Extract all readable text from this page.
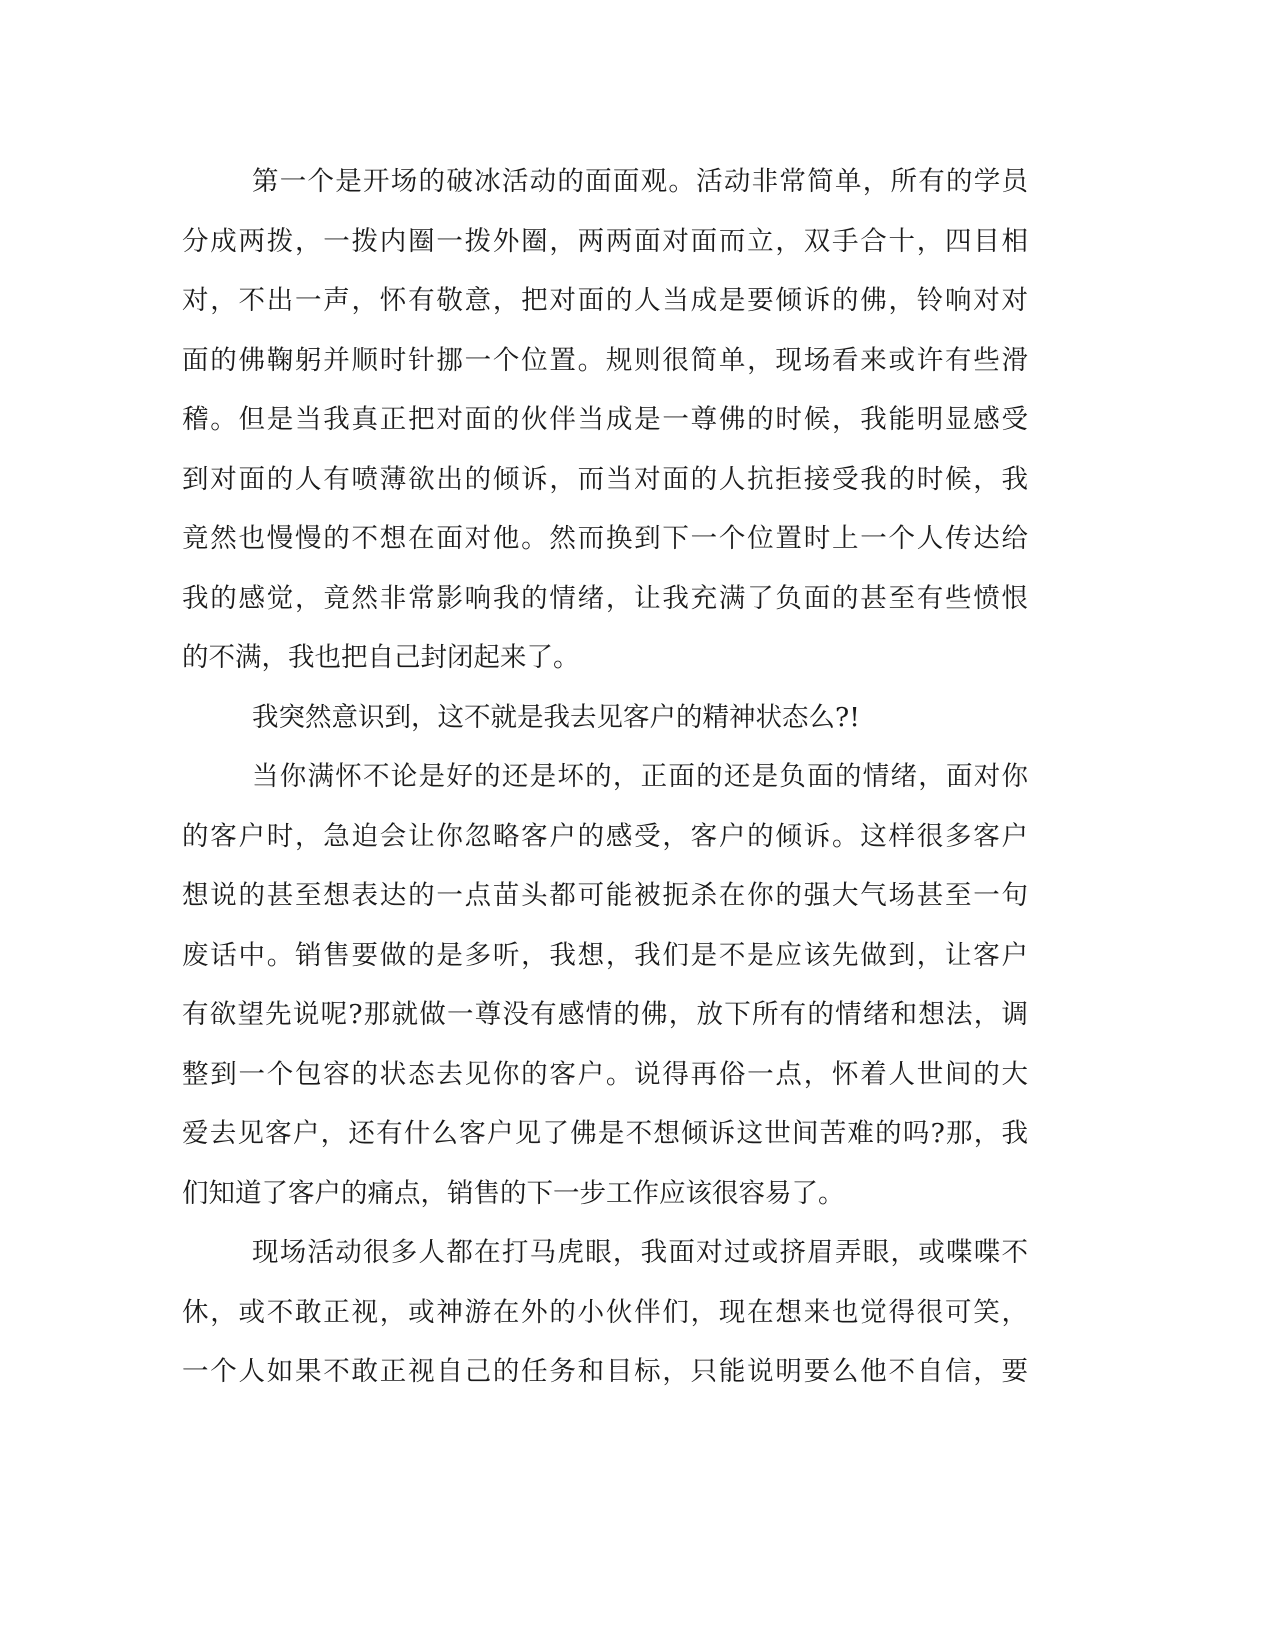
第一个是开场的破冰活动的面面观。活动非常简单，所有的学员
分成两拨，一拨内圈一拨外圈，两两面对面而立，双手合十，四目相
对，不出一声，怀有敬意，把对面的人当成是要倾诉的佛，铃响对对
面的佛鞠躬并顺时针挪一个位置。规则很简单，现场看来或许有些滑
稽。但是当我真正把对面的伙伴当成是一尊佛的时候，我能明显感受
到对面的人有喷薄欲出的倾诉，而当对面的人抗拒接受我的时候，我
竟然也慢慢的不想在面对他。然而换到下一个位置时上一个人传达给
我的感觉，竟然非常影响我的情绪，让我充满了负面的甚至有些愤恨
的不满，我也把自己封闭起来了。
我突然意识到，这不就是我去见客户的精神状态么?!
当你满怀不论是好的还是坏的，正面的还是负面的情绪，面对你
的客户时，急迫会让你忽略客户的感受，客户的倾诉。这样很多客户
想说的甚至想表达的一点苗头都可能被扼杀在你的强大气场甚至一句
废话中。销售要做的是多听，我想，我们是不是应该先做到，让客户
有欲望先说呢?那就做一尊没有感情的佛，放下所有的情绪和想法，调
整到一个包容的状态去见你的客户。说得再俗一点，怀着人世间的大
爱去见客户，还有什么客户见了佛是不想倾诉这世间苦难的吗?那，我
们知道了客户的痛点，销售的下一步工作应该很容易了。
现场活动很多人都在打马虎眼，我面对过或挤眉弄眼，或喋喋不
休，或不敢正视，或神游在外的小伙伴们，现在想来也觉得很可笑，
一个人如果不敢正视自己的任务和目标，只能说明要么他不自信，要
